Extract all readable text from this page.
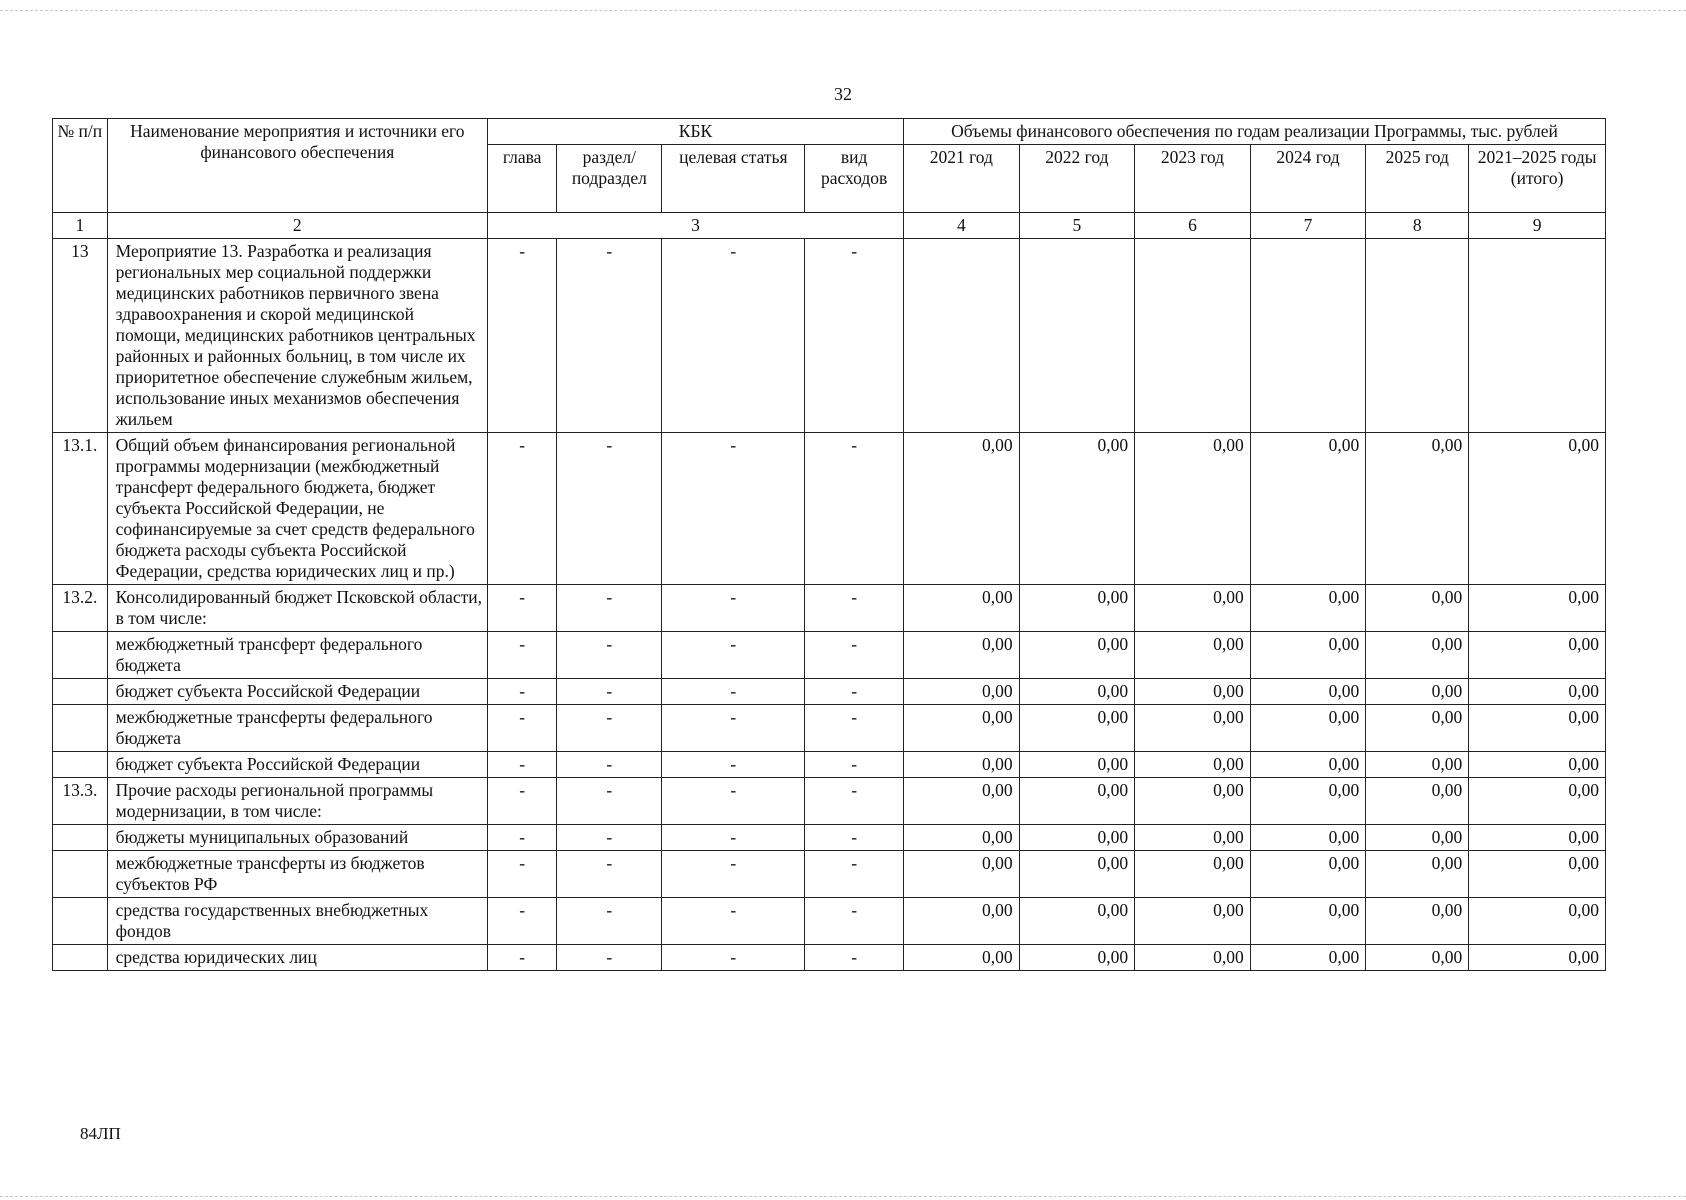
32
№ п/п	Наименование мероприятия и источники его финансового обеспечения	КБК				Объемы финансового обеспечения по годам реализации Программы, тыс. рублей					
		глава	раздел/ подраздел	целевая статья	вид расходов	2021 год	2022 год	2023 год	2024 год	2025 год	2021–2025 годы (итого)
1	2	3				4	5	6	7	8	9
13	Мероприятие 13. Разработка и реализация региональных мер социальной поддержки медицинских работников первичного звена здравоохранения и скорой медицинской помощи, медицинских работников центральных районных и районных больниц, в том числе их приоритетное обеспечение служебным жильем, использование иных механизмов обеспечения жильем	-	-	-	-						
13.1.	Общий объем финансирования региональной программы модернизации (межбюджетный трансферт федерального бюджета, бюджет субъекта Российской Федерации, не софинансируемые за счет средств федерального бюджета расходы субъекта Российской Федерации, средства юридических лиц и пр.)	-	-	-	-	0,00	0,00	0,00	0,00	0,00	0,00
13.2.	Консолидированный бюджет Псковской области, в том числе:	-	-	-	-	0,00	0,00	0,00	0,00	0,00	0,00
	межбюджетный трансферт федерального бюджета	-	-	-	-	0,00	0,00	0,00	0,00	0,00	0,00
	бюджет субъекта Российской Федерации	-	-	-	-	0,00	0,00	0,00	0,00	0,00	0,00
	межбюджетные трансферты федерального бюджета	-	-	-	-	0,00	0,00	0,00	0,00	0,00	0,00
	бюджет субъекта Российской Федерации	-	-	-	-	0,00	0,00	0,00	0,00	0,00	0,00
13.3.	Прочие расходы региональной программы модернизации, в том числе:	-	-	-	-	0,00	0,00	0,00	0,00	0,00	0,00
	бюджеты муниципальных образований	-	-	-	-	0,00	0,00	0,00	0,00	0,00	0,00
	межбюджетные трансферты из бюджетов субъектов РФ	-	-	-	-	0,00	0,00	0,00	0,00	0,00	0,00
	средства государственных внебюджетных фондов	-	-	-	-	0,00	0,00	0,00	0,00	0,00	0,00
	средства юридических лиц	-	-	-	-	0,00	0,00	0,00	0,00	0,00	0,00
84ЛП
